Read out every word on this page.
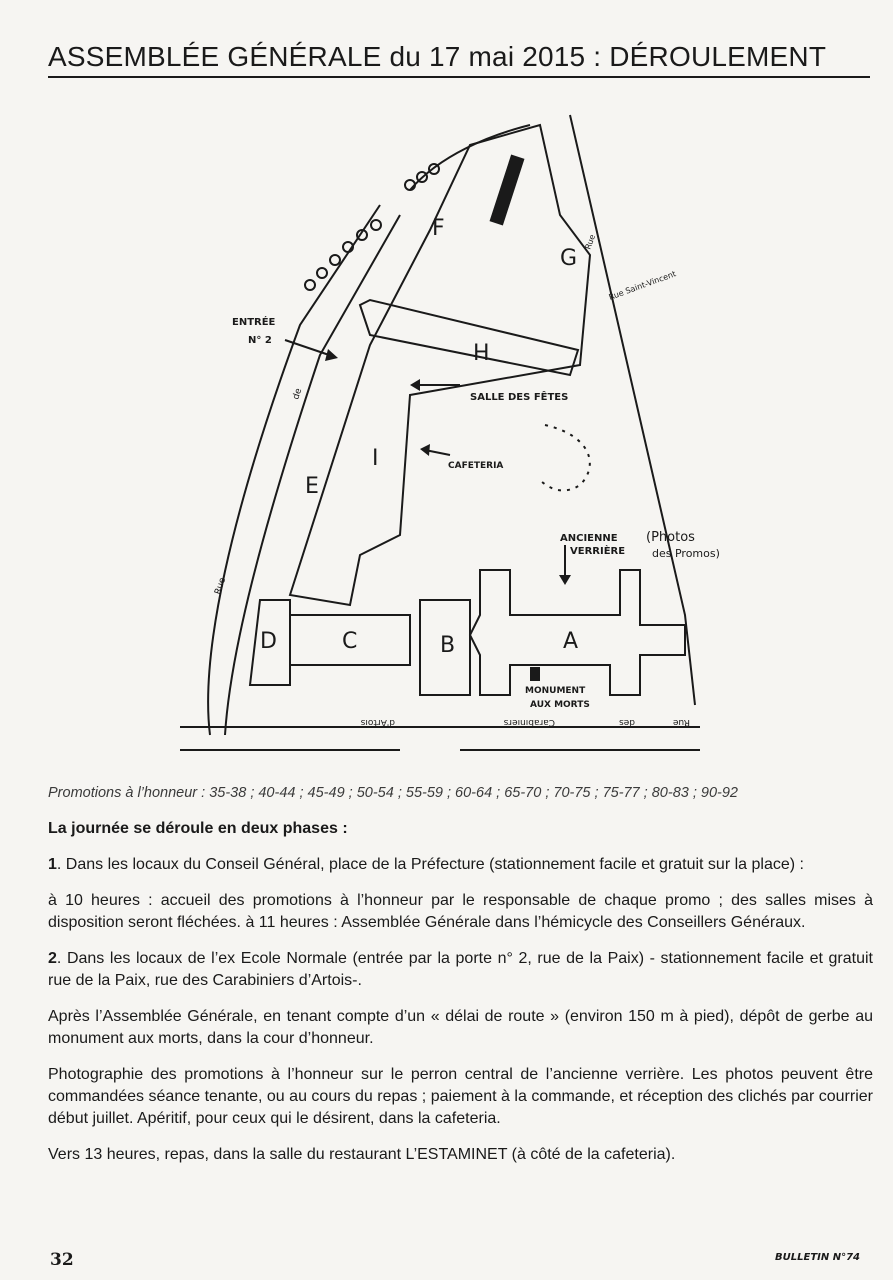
ASSEMBLÉE GÉNÉRALE du 17 mai 2015 : DÉROULEMENT
A
B
C
D
E
F
G
H
I
ENTRÉE
N° 2
SALLE DES FÊTES
CAFETERIA
ANCIENNE
VERRIÈRE
(Photos
des Promos)
MONUMENT
AUX MORTS
Rue
de
Rue
des
Carabiniers
d'Artois
Rue Saint-Vincent
Rue
Promotions à l’honneur : 35-38 ; 40-44 ; 45-49 ; 50-54 ; 55-59 ; 60-64 ; 65-70 ; 70-75 ; 75-77 ; 80-83 ; 90-92

La journée se déroule en deux phases :

1. Dans les locaux du Conseil Général, place de la Préfecture (stationnement facile et gratuit sur la place) :

à 10 heures : accueil des promotions à l’honneur par le responsable de chaque promo ; des salles mises à disposition seront fléchées. à 11 heures : Assemblée Générale dans l’hémicycle des Conseillers Généraux.

2. Dans les locaux de l’ex Ecole Normale (entrée par la porte n° 2, rue de la Paix) - stationnement facile et gratuit rue de la Paix, rue des Carabiniers d’Artois-.

Après l’Assemblée Générale, en tenant compte d’un « délai de route » (environ 150 m à pied), dépôt de gerbe au monument aux morts, dans la cour d’honneur.

Photographie des promotions à l’honneur sur le perron central de l’ancienne verrière. Les photos peuvent être commandées séance tenante, ou au cours du repas ; paiement à la commande, et réception des clichés par courrier début juillet. Apéritif, pour ceux qui le désirent, dans la cafeteria.

Vers 13 heures, repas, dans la salle du restaurant L’ESTAMINET (à côté de la cafeteria).

32	BULLETIN N°74
